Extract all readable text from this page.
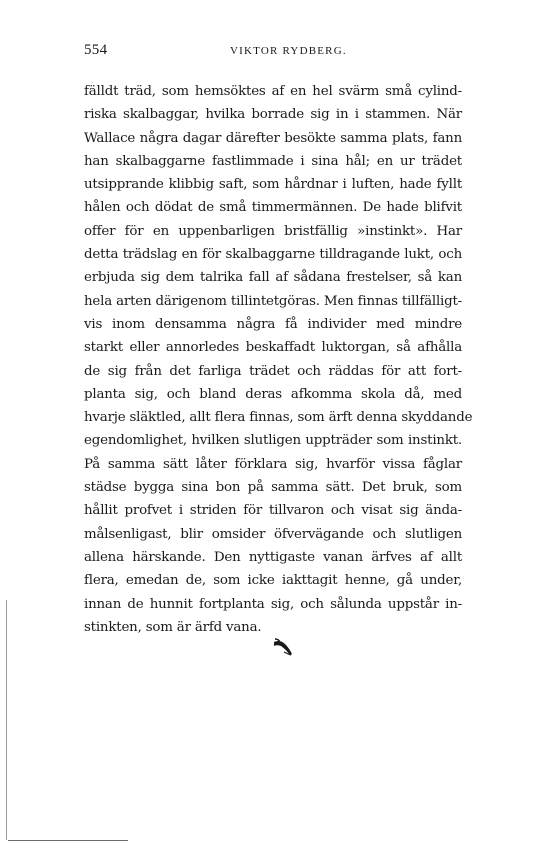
554	VIKTOR RYDBERG.
fälldt träd, som hemsöktes af en hel svärm små cylind-
riska skalbaggar, hvilka borrade sig in i stammen. När
Wallace några dagar därefter besökte samma plats, fann
han skalbaggarne fastlimmade i sina hål; en ur trädet
utsipprande klibbig saft, som hårdnar i luften, hade fyllt
hålen och dödat de små timmermännen. De hade blifvit
offer för en uppenbarligen bristfällig »instinkt». Har
detta trädslag en för skalbaggarne tilldragande lukt, och
erbjuda sig dem talrika fall af sådana frestelser, så kan
hela arten därigenom tillintetgöras. Men finnas tillfälligt-
vis inom densamma några få individer med mindre
starkt eller annorledes beskaffadt luktorgan, så afhålla
de sig från det farliga trädet och räddas för att fort-
planta sig, och bland deras afkomma skola då, med
hvarje släktled, allt flera finnas, som ärft denna skyddande
egendomlighet, hvilken slutligen uppträder som instinkt.
På samma sätt låter förklara sig, hvarför vissa fåglar
städse bygga sina bon på samma sätt. Det bruk, som
hållit profvet i striden för tillvaron och visat sig ända-
målsenligast, blir omsider öfvervägande och slutligen
allena härskande. Den nyttigaste vanan ärfves af allt
flera, emedan de, som icke iakttagit henne, gå under,
innan de hunnit fortplanta sig, och sålunda uppstår in-
stinkten, som är ärfd vana.
